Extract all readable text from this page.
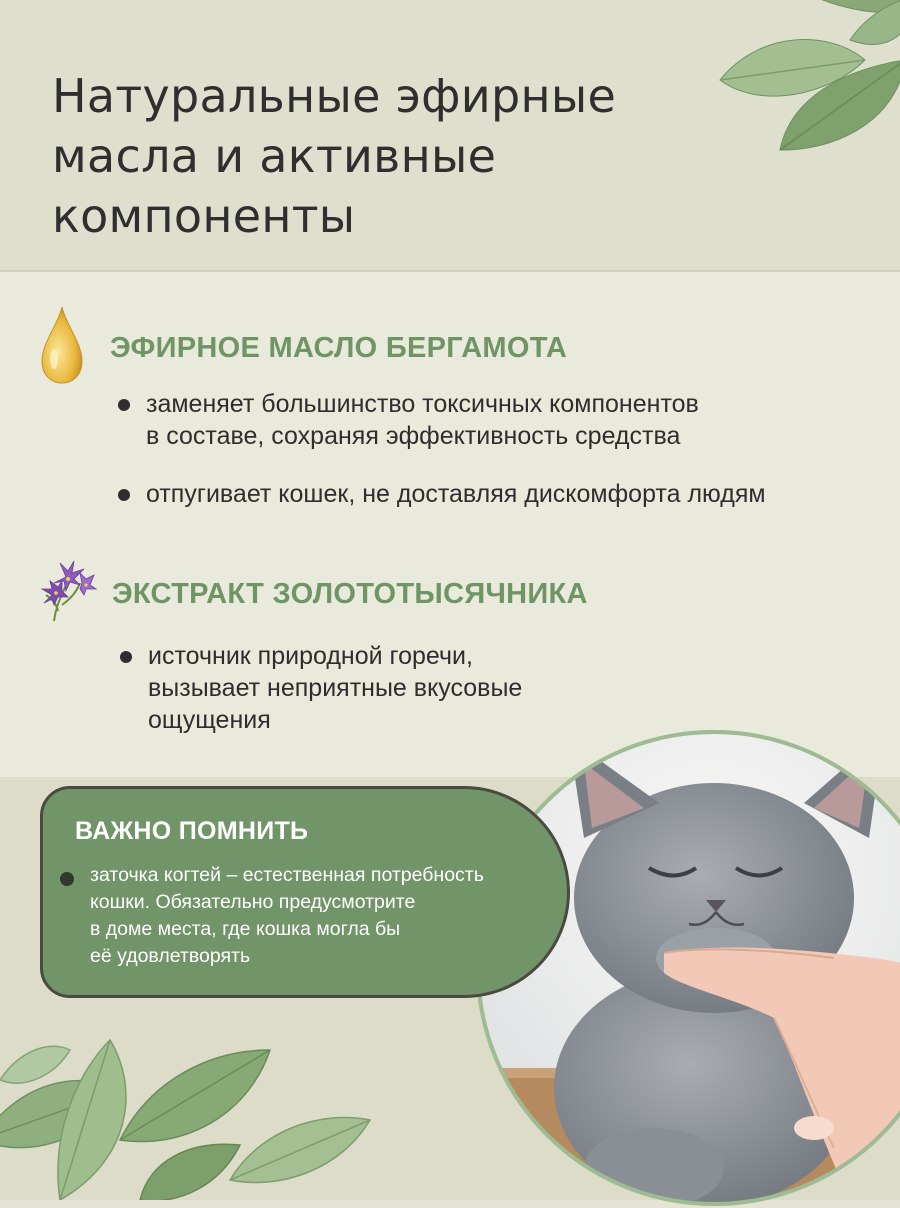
Натуральные эфирные
масла и активные
компоненты
ЭФИРНОЕ МАСЛО БЕРГАМОТА
заменяет большинство токсичных компонентов
в составе, сохраняя эффективность средства
отпугивает кошек, не доставляя дискомфорта людям
ЭКСТРАКТ ЗОЛОТОТЫСЯЧНИКА
источник природной горечи,
вызывает неприятные вкусовые
ощущения
ВАЖНО ПОМНИТЬ

заточка когтей – естественная потребность
кошки. Обязательно предусмотрите
в доме места, где кошка могла бы
её удовлетворять
